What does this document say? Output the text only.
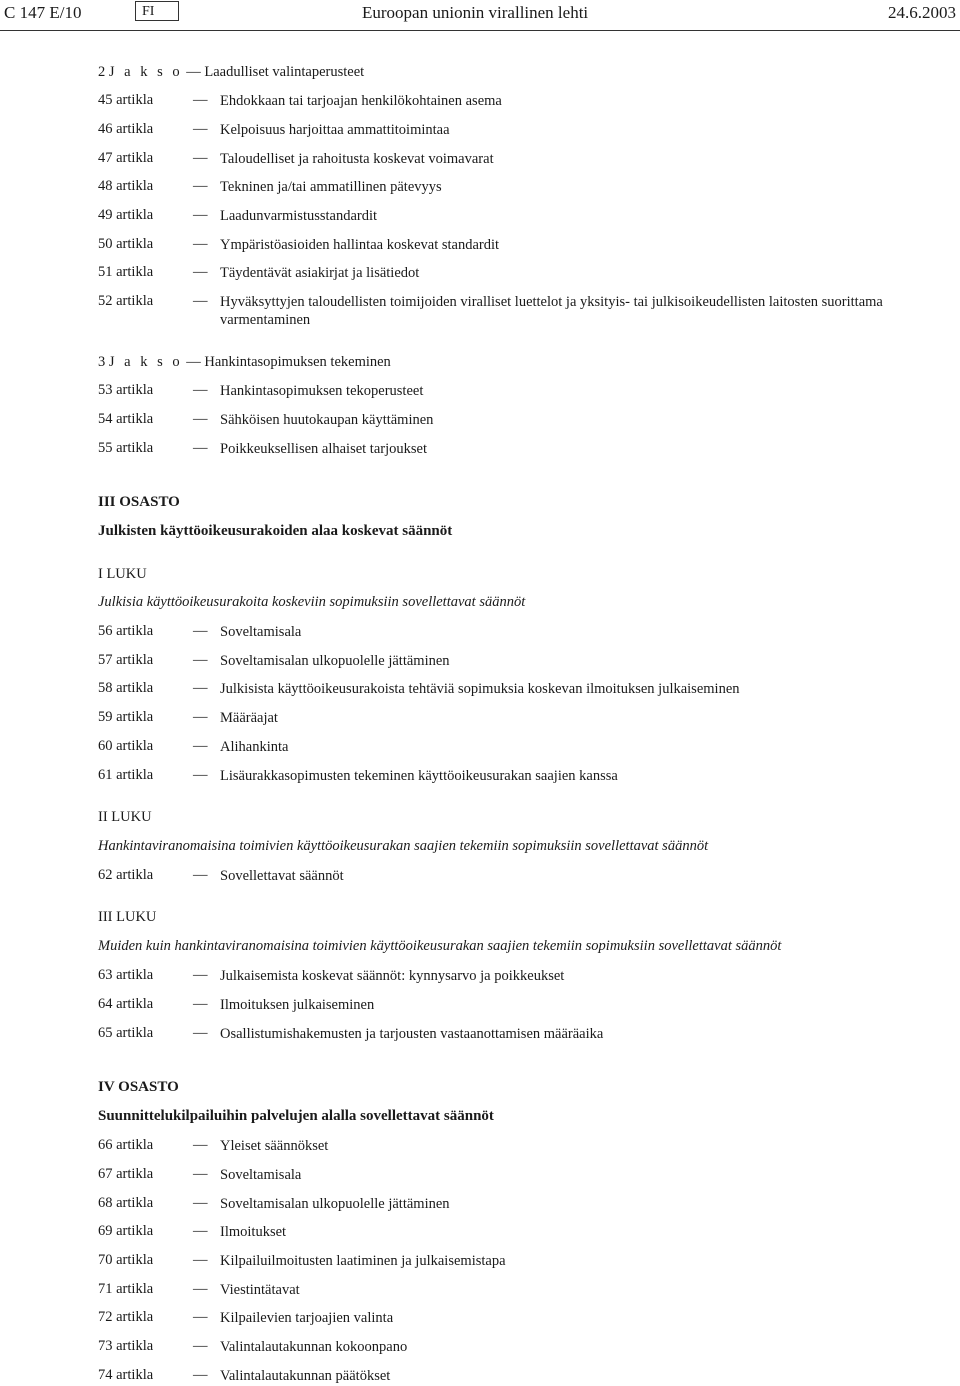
C 147 E/10	FI	Euroopan unionin virallinen lehti	24.6.2003
2 J a k s o — Laadulliset valintaperusteet
45 artikla	— Ehdokkaan tai tarjoajan henkilökohtainen asema
46 artikla	— Kelpoisuus harjoittaa ammattitoimintaa
47 artikla	— Taloudelliset ja rahoitusta koskevat voimavarat
48 artikla	— Tekninen ja/tai ammatillinen pätevyys
49 artikla	— Laadunvarmistusstandardit
50 artikla	— Ympäristöasioiden hallintaa koskevat standardit
51 artikla	— Täydentävät asiakirjat ja lisätiedot
52 artikla	— Hyväksyttyjen taloudellisten toimijoiden viralliset luettelot ja yksityis- tai julkisoikeudellisten laitosten suorittama varmentaminen
3 J a k s o — Hankintasopimuksen tekeminen
53 artikla	— Hankintasopimuksen tekoperusteet
54 artikla	— Sähköisen huutokaupan käyttäminen
55 artikla	— Poikkeuksellisen alhaiset tarjoukset
III OSASTO
Julkisten käyttöoikeusurakoiden alaa koskevat säännöt
I LUKU
Julkisia käyttöoikeusurakoita koskeviin sopimuksiin sovellettavat säännöt
56 artikla	— Soveltamisala
57 artikla	— Soveltamisalan ulkopuolelle jättäminen
58 artikla	— Julkisista käyttöoikeusurakoista tehtäviä sopimuksia koskevan ilmoituksen julkaiseminen
59 artikla	— Määräajat
60 artikla	— Alihankinta
61 artikla	— Lisäurakkasopimusten tekeminen käyttöoikeusurakan saajien kanssa
II LUKU
Hankintaviranomaisina toimivien käyttöoikeusurakan saajien tekemiin sopimuksiin sovellettavat säännöt
62 artikla	— Sovellettavat säännöt
III LUKU
Muiden kuin hankintaviranomaisina toimivien käyttöoikeusurakan saajien tekemiin sopimuksiin sovellettavat säännöt
63 artikla	— Julkaisemista koskevat säännöt: kynnysarvo ja poikkeukset
64 artikla	— Ilmoituksen julkaiseminen
65 artikla	— Osallistumishakemusten ja tarjousten vastaanottamisen määräaika
IV OSASTO
Suunnittelukilpailuihin palvelujen alalla sovellettavat säännöt
66 artikla	— Yleiset säännökset
67 artikla	— Soveltamisala
68 artikla	— Soveltamisalan ulkopuolelle jättäminen
69 artikla	— Ilmoitukset
70 artikla	— Kilpailuilmoitusten laatiminen ja julkaisemistapa
71 artikla	— Viestintätavat
72 artikla	— Kilpailevien tarjoajien valinta
73 artikla	— Valintalautakunnan kokoonpano
74 artikla	— Valintalautakunnan päätökset
